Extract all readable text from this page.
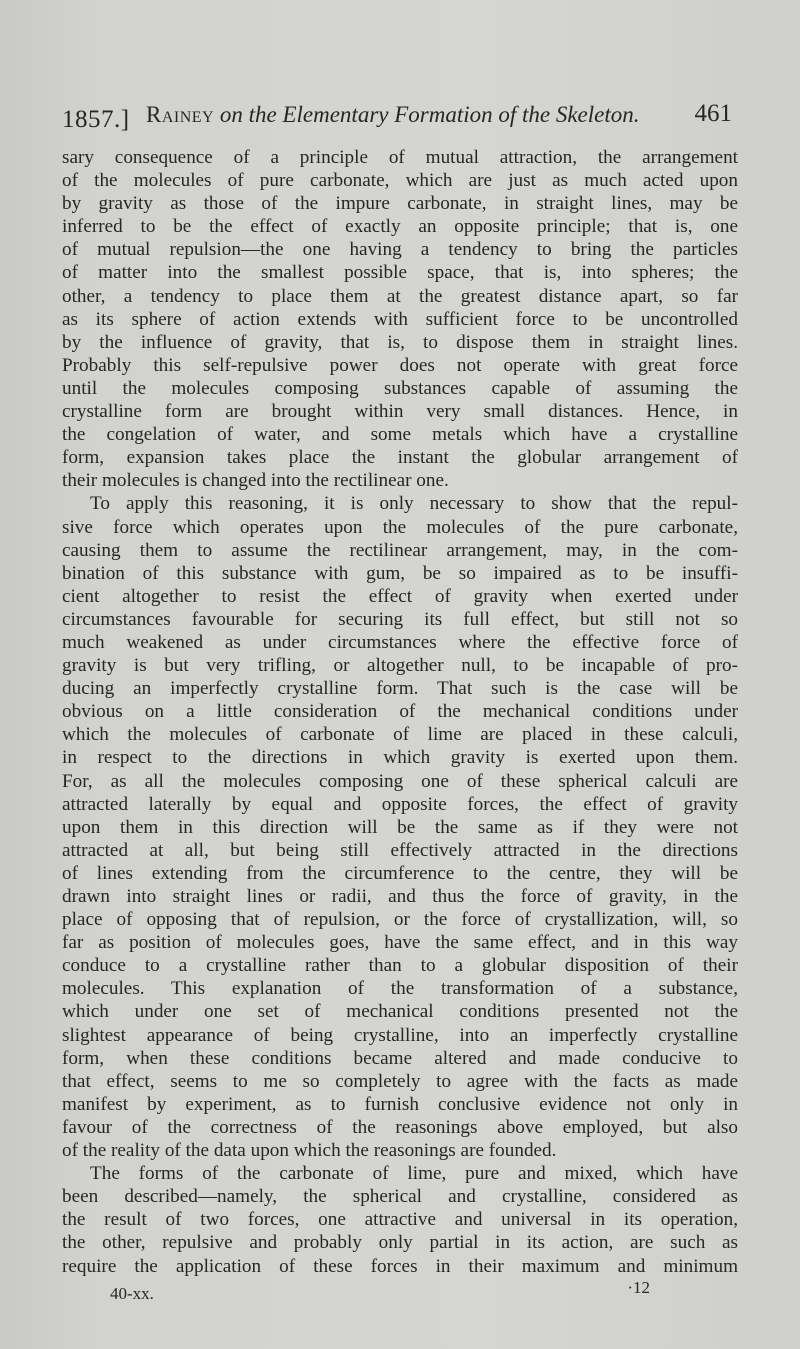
1857.] Rainey on the Elementary Formation of the Skeleton. 461
sary consequence of a principle of mutual attraction, the arrangement
of the molecules of pure carbonate, which are just as much acted upon
by gravity as those of the impure carbonate, in straight lines, may be
inferred to be the effect of exactly an opposite principle; that is, one
of mutual repulsion—the one having a tendency to bring the particles
of matter into the smallest possible space, that is, into spheres; the
other, a tendency to place them at the greatest distance apart, so far
as its sphere of action extends with sufficient force to be uncontrolled
by the influence of gravity, that is, to dispose them in straight lines.
Probably this self-repulsive power does not operate with great force
until the molecules composing substances capable of assuming the
crystalline form are brought within very small distances. Hence, in
the congelation of water, and some metals which have a crystalline
form, expansion takes place the instant the globular arrangement of
their molecules is changed into the rectilinear one.
To apply this reasoning, it is only necessary to show that the repul-
sive force which operates upon the molecules of the pure carbonate,
causing them to assume the rectilinear arrangement, may, in the com-
bination of this substance with gum, be so impaired as to be insuffi-
cient altogether to resist the effect of gravity when exerted under
circumstances favourable for securing its full effect, but still not so
much weakened as under circumstances where the effective force of
gravity is but very trifling, or altogether null, to be incapable of pro-
ducing an imperfectly crystalline form. That such is the case will be
obvious on a little consideration of the mechanical conditions under
which the molecules of carbonate of lime are placed in these calculi,
in respect to the directions in which gravity is exerted upon them.
For, as all the molecules composing one of these spherical calculi are
attracted laterally by equal and opposite forces, the effect of gravity
upon them in this direction will be the same as if they were not
attracted at all, but being still effectively attracted in the directions
of lines extending from the circumference to the centre, they will be
drawn into straight lines or radii, and thus the force of gravity, in the
place of opposing that of repulsion, or the force of crystallization, will, so
far as position of molecules goes, have the same effect, and in this way
conduce to a crystalline rather than to a globular disposition of their
molecules. This explanation of the transformation of a substance,
which under one set of mechanical conditions presented not the
slightest appearance of being crystalline, into an imperfectly crystalline
form, when these conditions became altered and made conducive to
that effect, seems to me so completely to agree with the facts as made
manifest by experiment, as to furnish conclusive evidence not only in
favour of the correctness of the reasonings above employed, but also
of the reality of the data upon which the reasonings are founded.
The forms of the carbonate of lime, pure and mixed, which have
been described—namely, the spherical and crystalline, considered as
the result of two forces, one attractive and universal in its operation,
the other, repulsive and probably only partial in its action, are such as
require the application of these forces in their maximum and minimum
40-xx.	·12
